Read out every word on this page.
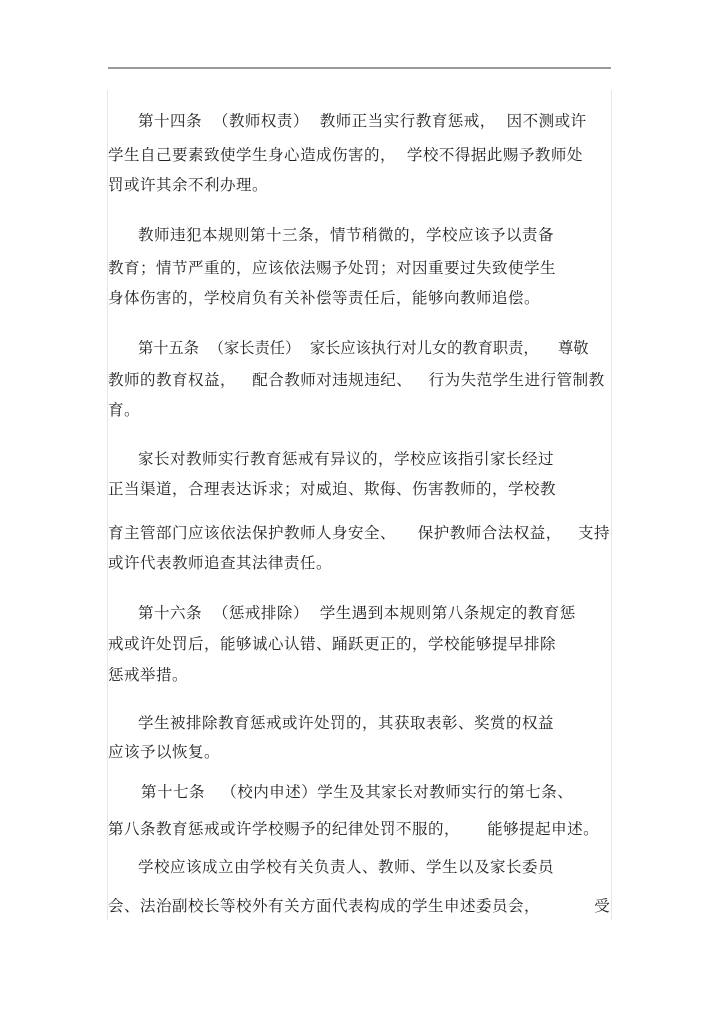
第十四条  （教师权责）  教师正当实行教育惩戒，  因不测或许
学生自己要素致使学生身心造成伤害的，  学校不得据此赐予教师处
罚或许其余不利办理。
教师违犯本规则第十三条，情节稍微的，学校应该予以责备
教育；情节严重的，应该依法赐予处罚；对因重要过失致使学生
身体伤害的，学校肩负有关补偿等责任后，能够向教师追偿。
第十五条  （家长责任）  家长应该执行对儿女的教育职责，    尊敬
教师的教育权益，   配合教师对违规违纪、   行为失范学生进行管制教
育。
家长对教师实行教育惩戒有异议的，学校应该指引家长经过
正当渠道，合理表达诉求；对威迫、欺侮、伤害教师的，学校教
育主管部门应该依法保护教师人身安全、    保护教师合法权益，   支持
或许代表教师追查其法律责任。
第十六条  （惩戒排除）  学生遇到本规则第八条规定的教育惩
戒或许处罚后，能够诚心认错、踊跃更正的，学校能够提早排除
惩戒举措。
学生被排除教育惩戒或许处罚的，其获取表彰、奖赏的权益
应该予以恢复。
第十七条   （校内申述）学生及其家长对教师实行的第七条、
第八条教育惩戒或许学校赐予的纪律处罚不服的，     能够提起申述。
学校应该成立由学校有关负责人、教师、学生以及家长委员
会、法治副校长等校外有关方面代表构成的学生申述委员会，          受
